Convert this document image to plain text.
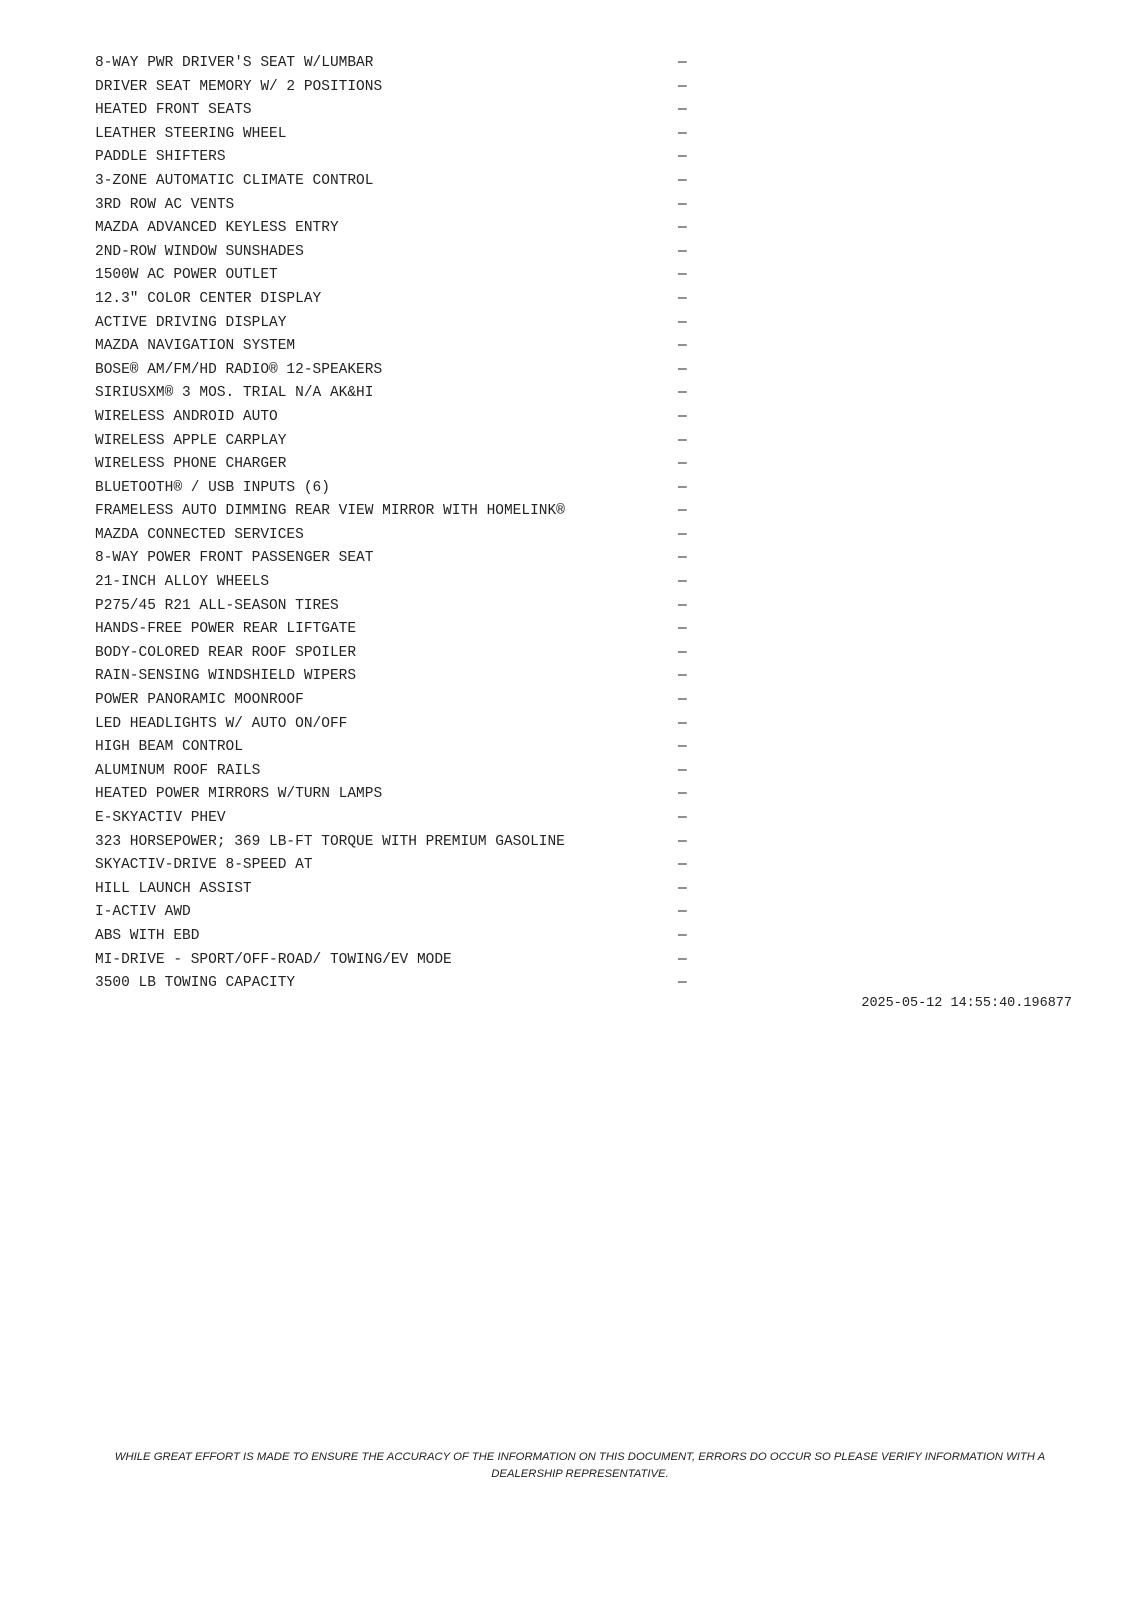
8-WAY PWR DRIVER'S SEAT W/LUMBAR	—
DRIVER SEAT MEMORY W/ 2 POSITIONS	—
HEATED FRONT SEATS	—
LEATHER STEERING WHEEL	—
PADDLE SHIFTERS	—
3-ZONE AUTOMATIC CLIMATE CONTROL	—
3RD ROW AC VENTS	—
MAZDA ADVANCED KEYLESS ENTRY	—
2ND-ROW WINDOW SUNSHADES	—
1500W AC POWER OUTLET	—
12.3" COLOR CENTER DISPLAY	—
ACTIVE DRIVING DISPLAY	—
MAZDA NAVIGATION SYSTEM	—
BOSE® AM/FM/HD RADIO® 12-SPEAKERS	—
SIRIUSXM® 3 MOS. TRIAL N/A AK&HI	—
WIRELESS ANDROID AUTO	—
WIRELESS APPLE CARPLAY	—
WIRELESS PHONE CHARGER	—
BLUETOOTH® / USB INPUTS (6)	—
FRAMELESS AUTO DIMMING REAR VIEW MIRROR WITH HOMELINK®	—
MAZDA CONNECTED SERVICES	—
8-WAY POWER FRONT PASSENGER SEAT	—
21-INCH ALLOY WHEELS	—
P275/45 R21 ALL-SEASON TIRES	—
HANDS-FREE POWER REAR LIFTGATE	—
BODY-COLORED REAR ROOF SPOILER	—
RAIN-SENSING WINDSHIELD WIPERS	—
POWER PANORAMIC MOONROOF	—
LED HEADLIGHTS W/ AUTO ON/OFF	—
HIGH BEAM CONTROL	—
ALUMINUM ROOF RAILS	—
HEATED POWER MIRRORS W/TURN LAMPS	—
E-SKYACTIV PHEV	—
323 HORSEPOWER; 369 LB-FT TORQUE WITH PREMIUM GASOLINE	—
SKYACTIV-DRIVE 8-SPEED AT	—
HILL LAUNCH ASSIST	—
I-ACTIV AWD	—
ABS WITH EBD	—
MI-DRIVE - SPORT/OFF-ROAD/ TOWING/EV MODE	—
3500 LB TOWING CAPACITY	—
2025-05-12 14:55:40.196877
WHILE GREAT EFFORT IS MADE TO ENSURE THE ACCURACY OF THE INFORMATION ON THIS DOCUMENT, ERRORS DO OCCUR SO PLEASE VERIFY INFORMATION WITH A DEALERSHIP REPRESENTATIVE.
